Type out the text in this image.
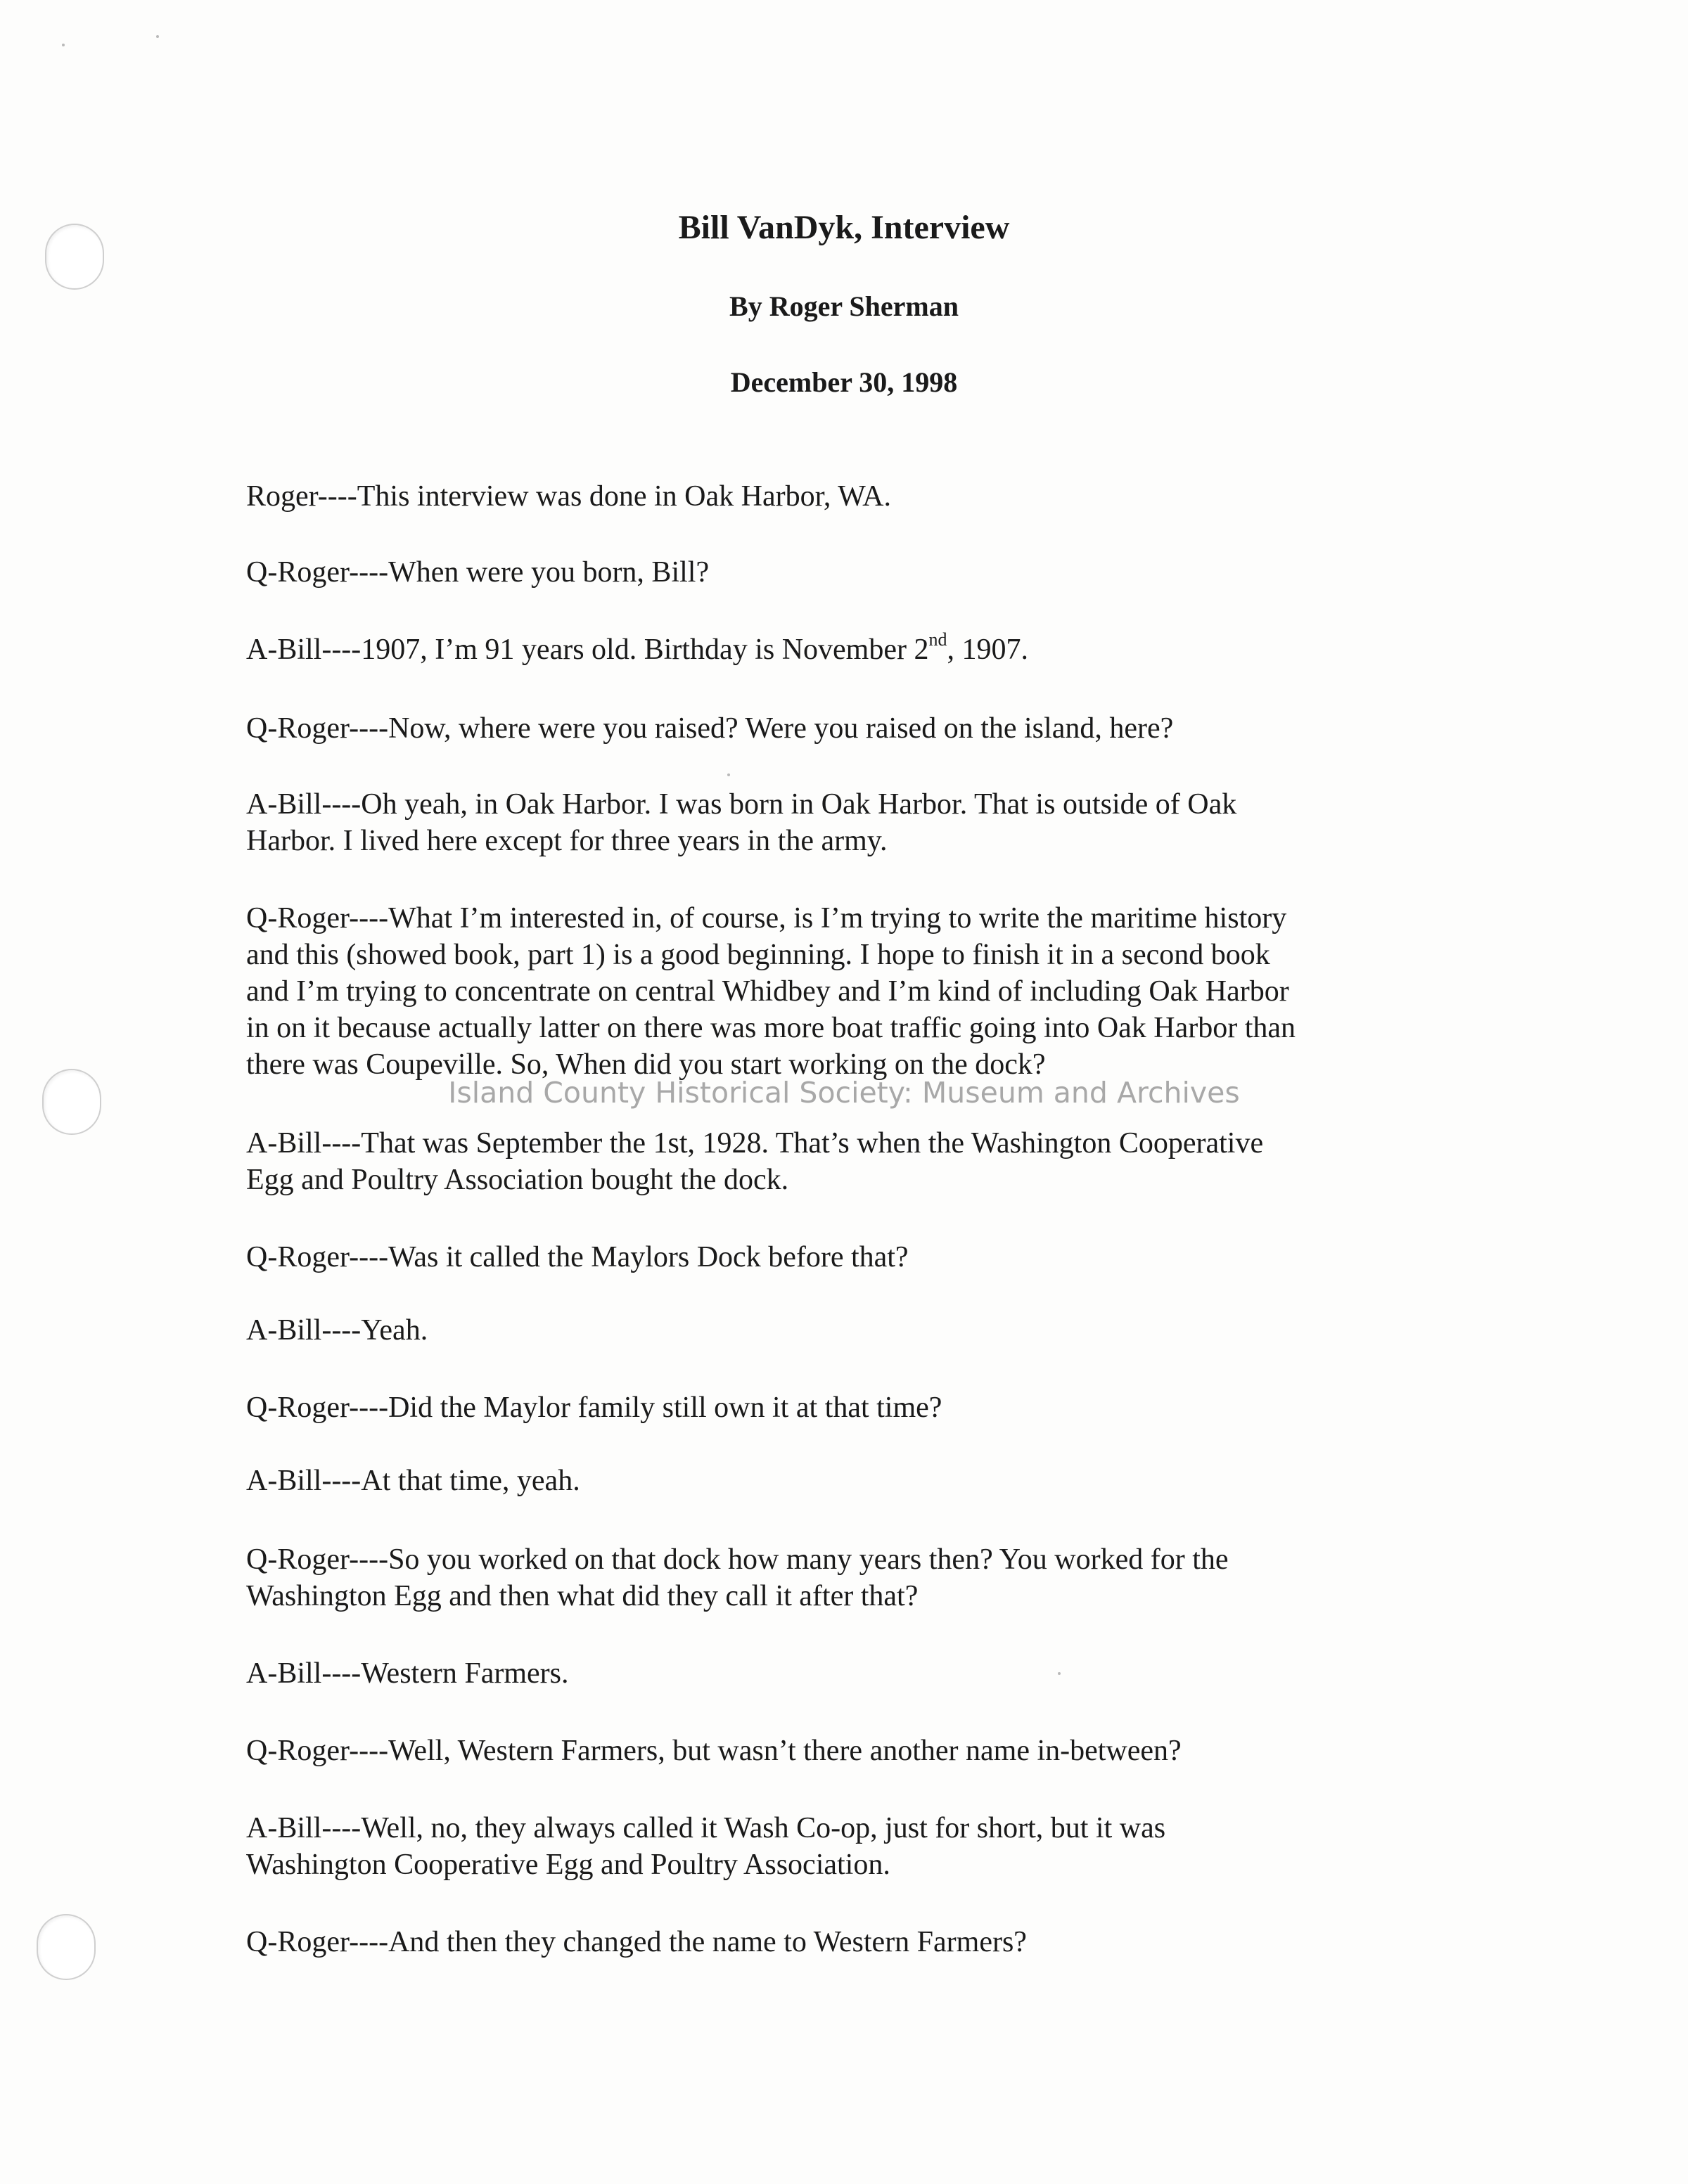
Bill VanDyk, Interview
By Roger Sherman
December 30, 1998
Roger----This interview was done in Oak Harbor, WA.
Q-Roger----When were you born, Bill?
A-Bill----1907, I’m 91 years old. Birthday is November 2nd, 1907.
Q-Roger----Now, where were you raised? Were you raised on the island, here?
A-Bill----Oh yeah, in Oak Harbor. I was born in Oak Harbor. That is outside of Oak
Harbor. I lived here except for three years in the army.
Q-Roger----What I’m interested in, of course, is I’m trying to write the maritime history
and this (showed book, part 1) is a good beginning. I hope to finish it in a second book
and I’m trying to concentrate on central Whidbey and I’m kind of including Oak Harbor
in on it because actually latter on there was more boat traffic going into Oak Harbor than
there was Coupeville. So, When did you start working on the dock?
Island County Historical Society: Museum and Archives
A-Bill----That was September the 1st, 1928. That’s when the Washington Cooperative
Egg and Poultry Association bought the dock.
Q-Roger----Was it called the Maylors Dock before that?
A-Bill----Yeah.
Q-Roger----Did the Maylor family still own it at that time?
A-Bill----At that time, yeah.
Q-Roger----So you worked on that dock how many years then? You worked for the
Washington Egg and then what did they call it after that?
A-Bill----Western Farmers.
Q-Roger----Well, Western Farmers, but wasn’t there another name in-between?
A-Bill----Well, no, they always called it Wash Co-op, just for short, but it was
Washington Cooperative Egg and Poultry Association.
Q-Roger----And then they changed the name to Western Farmers?
